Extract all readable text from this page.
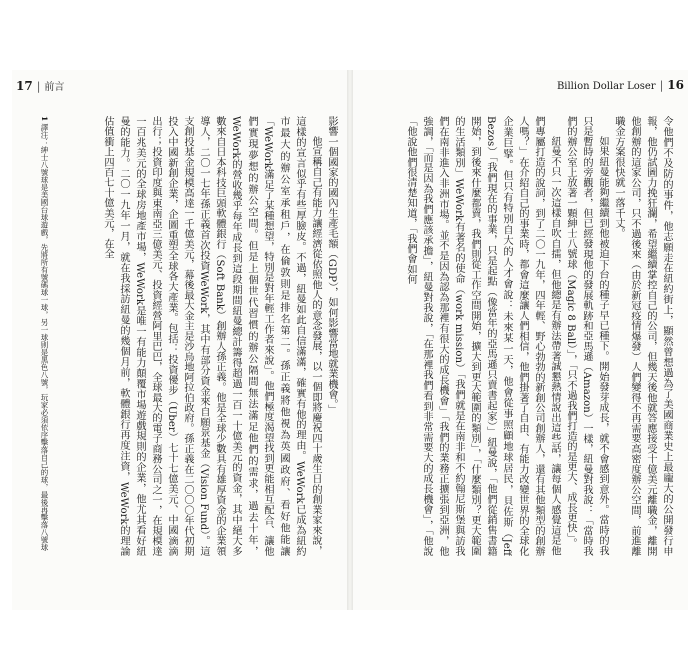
17 | 前言

影響一個國家的國內生產毛額（GDP），如何影響當地就業機會。」

他宣稱自己有能力讓經濟從依照他人的意念發展，以一個即將慶祝四十歲生日的創業家來說，這樣的宣言似乎有些厚臉皮。不過，紐曼如此自信滿滿，確實有他的理由。WeWork已成為紐約市最大的辦公室承租戶，在倫敦則是排名第二。孫正義將他視為英國政府、看好他能讓「WeWork滿足了某種想望，特別是對年輕工作者來說」。他們極度渴望找到更能相互配合、讓他們實現夢想的辦公空間。但是上個世代習慣的辦公隔間無法滿足他們的需求，過去十年，WeWork的營收幾乎每年成長到這段期間紐曼總計籌得超過一百一十億美元的資金，其中絕大多數來自日本科技巨頭軟體銀行（Soft Bank）創辦人孫正義。他是全球少數具有雄厚資金的企業領導人，二〇一七年孫正義首次投資WeWork，其中有部分資金來自願景基金（Vision Fund）。這支創投基金規模高達一千億美元，幕後最大金主是沙烏地阿拉伯政府。孫正義在二〇〇〇年代初期投入中國新創企業，企圖重塑全球各大產業。包括：投資優步（Uber）七十七億美元、中國滴滴出行；投資印度與東南亞三億美元、投資經營阿里巴巴，全球最大的電子商務公司之一，在規模達一百兆美元的全球房地產市場，WeWork是唯一有能力顛覆市場遊戲規則的企業，他尤其看好紐曼的能力。二〇一九年一月，就在我採訪紐曼的幾個月前，軟體銀行再度注資，WeWork的理論估值衝上四百七十億美元，在全

1 譯注：紳士八號球是美國台球遊戲，先將所有號碼球一球，另一球則是黑色八號，玩家必須依序擊落自己的球，最後再擊落八號球
Billion Dollar Loser | 16

令他們不及防的事件，他志願走在紐約街上，顯然曾想過為了美國商業史上最龐大的公開發行申報，他仍試圖力挽狂瀾，希望繼續掌控自己的公司，但幾天後他就答應接受十億美元離職金，離開他創辦的這家公司，只不過後來（由於新冠疫情爆發）人們變得不再需要高密度辦公空間，前進離職金方案很快就一落千丈。

如果紐曼能夠繼續到他被迫下台的種子早已種下。開始發芽成長，就不會感到意外。當時的我只是暫時的旁觀者，但已經發現他的發展軌跡和亞馬遜（Amazon）一樣，紐曼對我說：「當時我們的辦公室上放著一顆紳士八號球（Magic 8 Ball）」，「只不過我們打造的是更大、成長更快」。

紐曼不只一次這樣自吹自擂，但他總是有辦法帶著誠懇熱情說出這些話，讓每個人感覺這是他們專屬打造的說詞，到了二〇一九年，四年輕、野心勃勃的新創公司創辦人，還有其他類型的創辦人嗎？」在介紹自己的事業時，都會這麼讓人們相信，他們掛著了自由、有能力改變世界的全球化企業巨擘。但只有特別自大的人才會說：未來某一天，他會從事照顧地球居民，貝佐斯（Jeff Bezos）「我們現在的事業，只是起點（像當年的亞馬遜只賣書起家）」紐曼說，「他們從銷售書籍開始，到後來什麼都賣，我們則從工作空間開始，擴大到更大範圍的類別」，「什麼類別？更大範圍的生活類別」WeWork有著名的使命（work mission）「我們就是在南非和不約翰尼斯堡與訪我們在南非進入非洲市場。並不是因為認為那裡有很大的成長機會」「我們的業務正擴張到亞洲，他強調，「而是因為我們應該承擔」，紐曼對我說，「在那裡我們看到非常需要大的成長機會」，「他說「他說他們很清楚知道，「我們會如何
